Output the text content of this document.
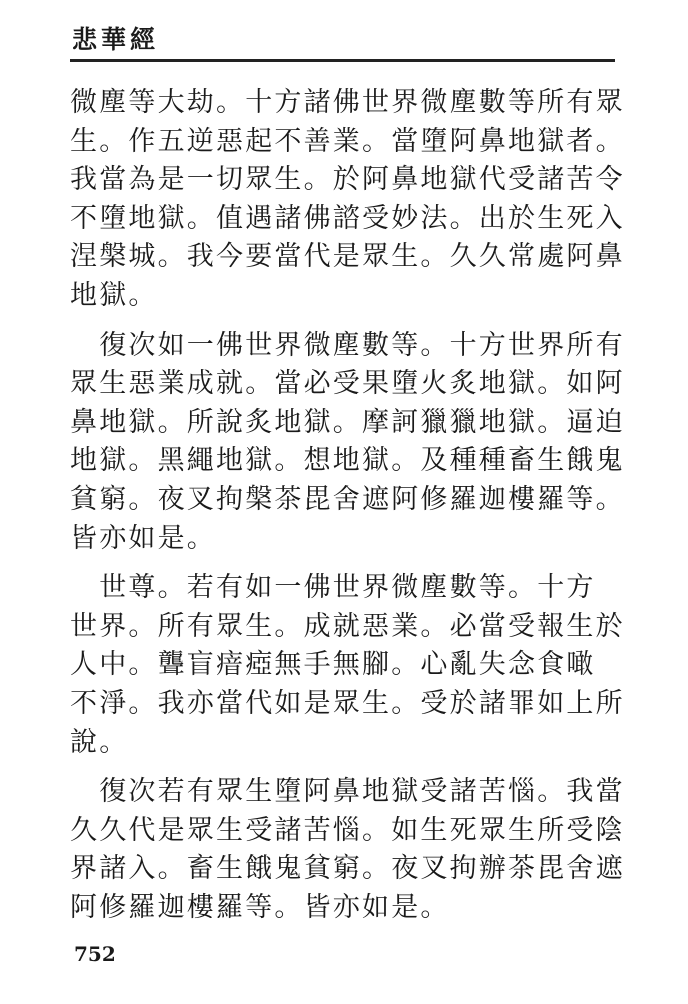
悲華經
微塵等大劫。十方諸佛世界微塵數等所有眾
生。作五逆惡起不善業。當墮阿鼻地獄者。
我當為是一切眾生。於阿鼻地獄代受諸苦令
不墮地獄。值遇諸佛諮受妙法。出於生死入
涅槃城。我今要當代是眾生。久久常處阿鼻
地獄。
　復次如一佛世界微塵數等。十方世界所有
眾生惡業成就。當必受果墮火炙地獄。如阿
鼻地獄。所說炙地獄。摩訶獵獵地獄。逼迫
地獄。黑繩地獄。想地獄。及種種畜生餓鬼
貧窮。夜叉拘槃茶毘舍遮阿修羅迦樓羅等。
皆亦如是。
　世尊。若有如一佛世界微塵數等。十方
世界。所有眾生。成就惡業。必當受報生於
人中。聾盲瘖瘂無手無腳。心亂失念食噉
不淨。我亦當代如是眾生。受於諸罪如上所
說。
　復次若有眾生墮阿鼻地獄受諸苦惱。我當
久久代是眾生受諸苦惱。如生死眾生所受陰
界諸入。畜生餓鬼貧窮。夜叉拘辦茶毘舍遮
阿修羅迦樓羅等。皆亦如是。
752
